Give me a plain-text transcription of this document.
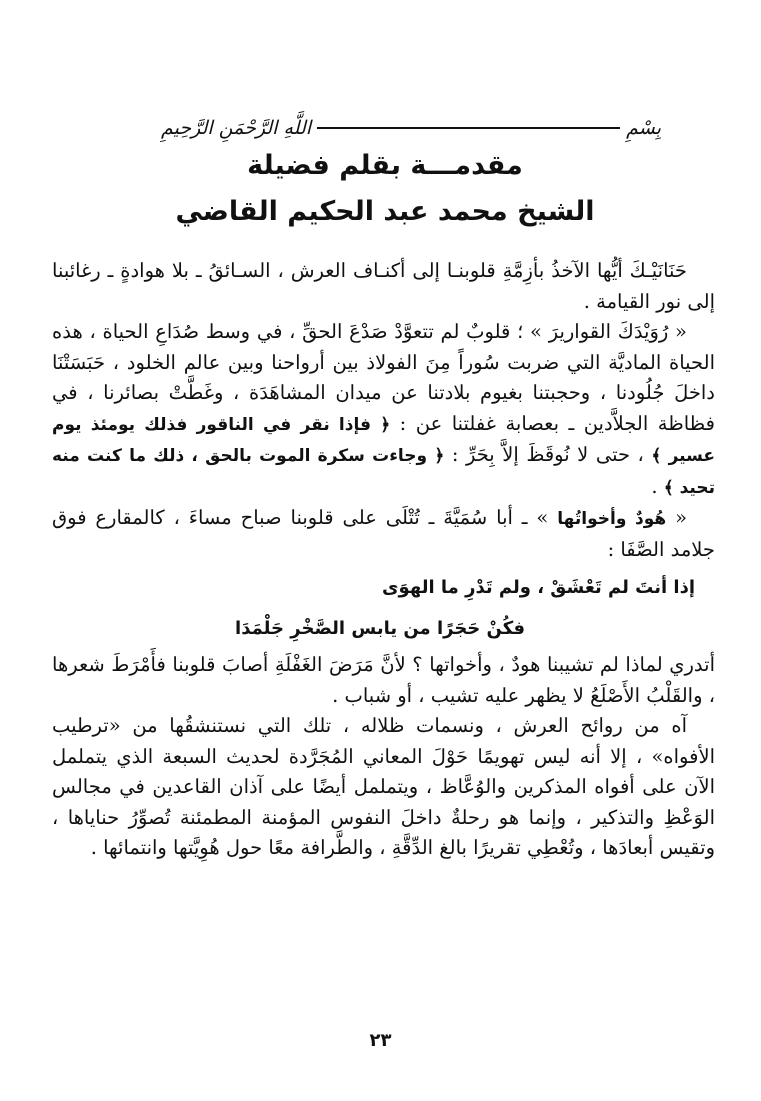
بِسْمِ
اللَّهِ الرَّحْمَنِ الرَّحِيمِ
مقدمـــة بقلم فضيلة
الشيخ محمد عبد الحكيم القاضي

حَنَانَيْـكَ أيُّها الآخذُ بأزِمَّةِ قلوبنـا إلى أكنـاف العرش ، السـائقُ ـ بلا هوادةٍ ـ رغائبنا إلى نور القيامة .

« رُوَيْدَكَ القواريرَ » ؛ قلوبٌ لم تتعوَّدْ صَدْعَ الحقِّ ، في وسط صُدَاعِ الحياة ، هذه الحياة الماديَّة التي ضربت سُوراً مِنَ الفولاذ بين أرواحنا وبين عالم الخلود ، حَبَسَتْنَا داخلَ جُلُودنا ، وحجبتنا بغيوم بلادتنا عن ميدان المشاهَدَة ، وغَطَّتْ بصائرنا ، في فظاظة الجلاَّدين ـ بعصابة غفلتنا عن : ﴿ فإذا نقر في الناقور فذلك يومئذ يوم عسير ﴾ ، حتى لا نُوقَظَ إلاَّ بِحَرِّ : ﴿ وجاءت سكرة الموت بالحق ، ذلك ما كنت منه تحيد ﴾ .

« هُودٌ وأخواتُها » ـ أبا سُمَيَّةَ ـ تُتْلَى على قلوبنا صباح مساءَ ، كالمقارع فوق جلامد الصَّفَا :

إذا أنتَ لم تَعْشَقْ ، ولم تَدْرِ ما الهوَى
فكُنْ حَجَرًا من يابس الصَّخْرِ جَلْمَدَا

أتدري لماذا لم تشيبنا هودٌ ، وأخواتها ؟ لأنَّ مَرَضَ الغَفْلَةِ أصابَ قلوبنا فأَمْرَطَ شعرها ، والقَلْبُ الأَصْلَعُ لا يظهر عليه تشيب ، أو شباب .

آه من روائح العرش ، ونسمات ظلاله ، تلك التي نستنشقُها من «ترطيب الأفواه» ، إلا أنه ليس تهويمًا حَوْلَ المعاني المُجَرَّدة لحديث السبعة الذي يتململ الآن على أفواه المذكرين والوُعَّاظ ، ويتململ أيضًا على آذان القاعدين في مجالس الوَعْظِ والتذكير ، وإنما هو رحلةٌ داخلَ النفوس المؤمنة المطمئنة تُصوِّرُ حناياها ، وتقيس أبعادَها ، وتُعْطِي تقريرًا بالغ الدِّقَّةِ ، والطَّرافة معًا حول هُوِيَّتها وانتمائها .

٢٣
